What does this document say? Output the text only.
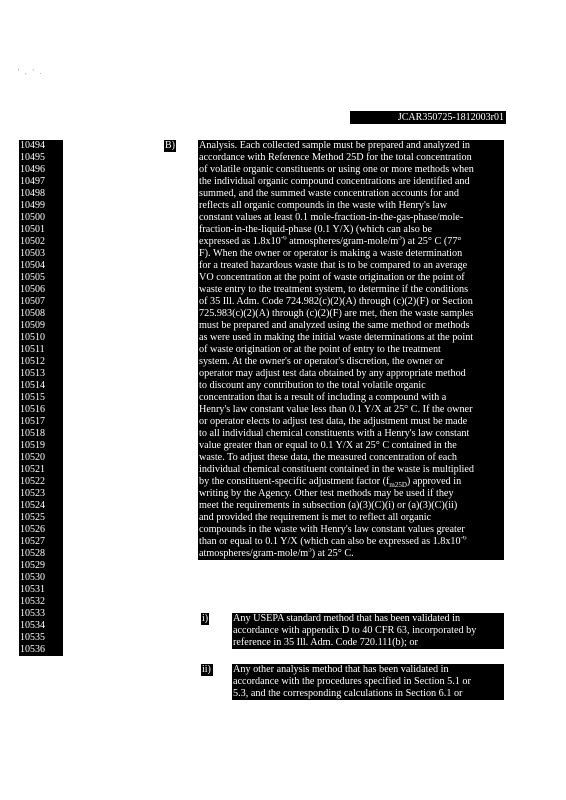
' , ' .
JCAR350725-1812003r01
10494
10495
10496
10497
10498
10499
10500
10501
10502
10503
10504
10505
10506
10507
10508
10509
10510
10511
10512
10513
10514
10515
10516
10517
10518
10519
10520
10521
10522
10523
10524
10525
10526
10527
10528
10529
10530
10531
10532
10533
10534
10535
10536
B) Analysis. Each collected sample must be prepared and analyzed in
accordance with Reference Method 25D for the total concentration
of volatile organic constituents or using one or more methods when
the individual organic compound concentrations are identified and
summed, and the summed waste concentration accounts for and
reflects all organic compounds in the waste with Henry's law
constant values at least 0.1 mole-fraction-in-the-gas-phase/mole-
fraction-in-the-liquid-phase (0.1 Y/X) (which can also be
expressed as $1.8x10^{-6}$ atmospheres/$gram-mole/m^3$) at 25° C (77°
F). When the owner or operator is making a waste determination
for a treated hazardous waste that is to be compared to an average
VO concentration at the point of waste origination or the point of
waste entry to the treatment system, to determine if the conditions
of 35 Ill. Adm. Code 724.982(c)(2)(A) through (c)(2)(F) or Section
725.983(c)(2)(A) through (c)(2)(F) are met, then the waste samples
must be prepared and analyzed using the same method or methods
as were used in making the initial waste determinations at the point
of waste origination or at the point of entry to the treatment
system. At the owner's or operator's discretion, the owner or
operator may adjust test data obtained by any appropriate method
to discount any contribution to the total volatile organic
concentration that is a result of including a compound with a
Henry's law constant value less than 0.1 Y/X at 25° C. If the owner
or operator elects to adjust test data, the adjustment must be made
to all individual chemical constituents with a Henry's law constant
value greater than or equal to 0.1 Y/X at 25° C contained in the
waste. To adjust these data, the measured concentration of each
individual chemical constituent contained in the waste is multiplied
by the constituent-specific adjustment factor $(f_{m25D})$ approved in
writing by the Agency. Other test methods may be used if they
meet the requirements in subsection (a)(3)(C)(i) or (a)(3)(C)(ii)
and provided the requirement is met to reflect all organic
compounds in the waste with Henry's law constant values greater
than or equal to 0.1 Y/X (which can also be expressed as $1.8x10^{-6}$
atmospheres/$gram-mole/m^3$) at 25° C.
i) Any USEPA standard method that has been validated in
accordance with appendix D to 40 CFR 63, incorporated by
reference in 35 Ill. Adm. Code 720.111(b); or
ii) Any other analysis method that has been validated in
accordance with the procedures specified in Section 5.1 or
5.3, and the corresponding calculations in Section 6.1 or
